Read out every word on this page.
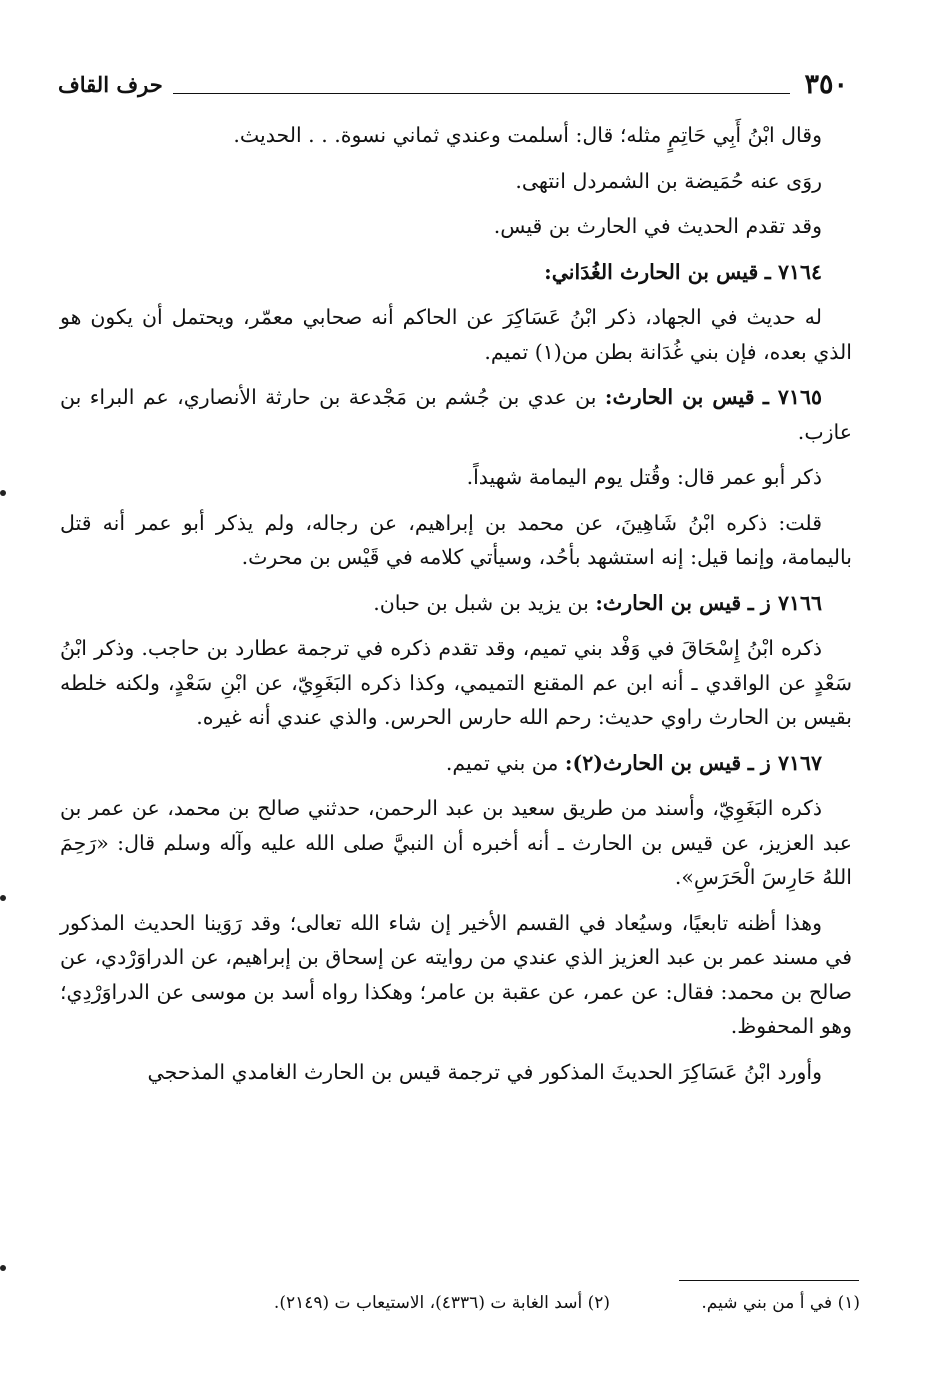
حرف القاف	٣٥٠

وقال ابْنُ أَبِي حَاتِمٍ مثله؛ قال: أسلمت وعندي ثماني نسوة. . . الحديث.

روَى عنه حُمَيضة بن الشمردل انتهى.

وقد تقدم الحديث في الحارث بن قيس.

٧١٦٤ ـ قيس بن الحارث الغُدَاني:

له حديث في الجهاد، ذكر ابْنُ عَسَاكِرَ عن الحاكم أنه صحابي معمّر، ويحتمل أن يكون هو الذي بعده، فإن بني غُدَانة بطن من(١) تميم.

٧١٦٥ ـ قيس بن الحارث: بن عدي بن جُشم بن مَجْدعة بن حارثة الأنصاري، عم البراء بن عازب.

ذكر أبو عمر قال: وقُتل يوم اليمامة شهيداً.

قلت: ذكره ابْنُ شَاهِينَ، عن محمد بن إبراهيم، عن رجاله، ولم يذكر أبو عمر أنه قتل باليمامة، وإنما قيل: إنه استشهد بأحُد، وسيأتي كلامه في قَيْس بن محرث.

٧١٦٦ ز ـ قيس بن الحارث: بن يزيد بن شبل بن حبان.

ذكره ابْنُ إِسْحَاقَ في وَفْد بني تميم، وقد تقدم ذكره في ترجمة عطارد بن حاجب. وذكر ابْنُ سَعْدٍ عن الواقدي ـ أنه ابن عم المقنع التميمي، وكذا ذكره البَغَوِيّ، عن ابْنِ سَعْدٍ، ولكنه خلطه بقيس بن الحارث راوي حديث: رحم الله حارس الحرس. والذي عندي أنه غيره.

٧١٦٧ ز ـ قيس بن الحارث(٢): من بني تميم.

ذكره البَغَوِيّ، وأسند من طريق سعيد بن عبد الرحمن، حدثني صالح بن محمد، عن عمر بن عبد العزيز، عن قيس بن الحارث ـ أنه أخبره أن النبيَّ صلى الله عليه وآله وسلم قال: «رَحِمَ اللهُ حَارِسَ الْحَرَسِ».

وهذا أظنه تابعيًا، وسيُعاد في القسم الأخير إن شاء الله تعالى؛ وقد رَوَينا الحديث المذكور في مسند عمر بن عبد العزيز الذي عندي من روايته عن إسحاق بن إبراهيم، عن الدراوَرْدي، عن صالح بن محمد: فقال: عن عمر، عن عقبة بن عامر؛ وهكذا رواه أسد بن موسى عن الدراوَرْدِي؛ وهو المحفوظ.

وأورد ابْنُ عَسَاكِرَ الحديثَ المذكور في ترجمة قيس بن الحارث الغامدي المذحجي

(١) في أ من بني شيم.
(٢) أسد الغابة ت (٤٣٣٦)، الاستيعاب ت (٢١٤٩).
